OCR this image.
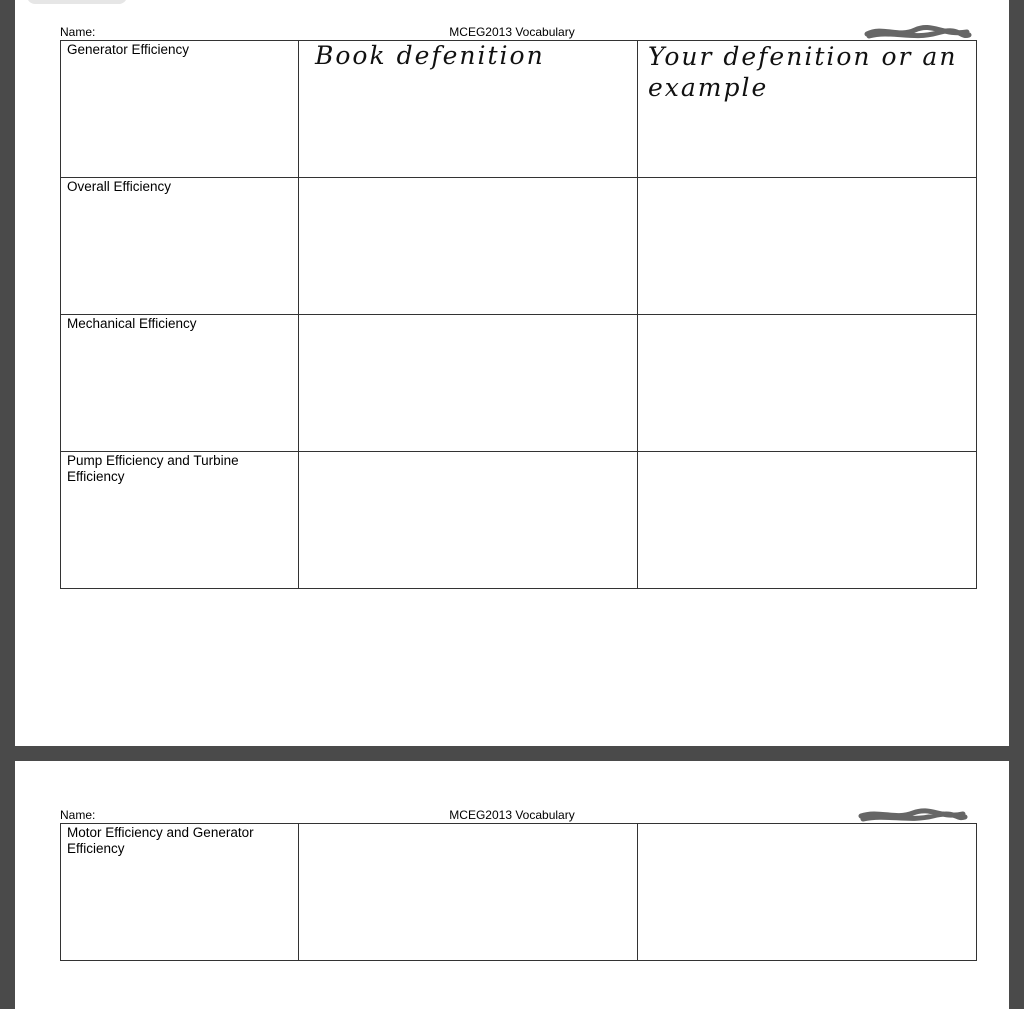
Name:	MCEG2013 Vocabulary
Generator Efficiency	Book defenition	Your defenition or an example

Overall Efficiency		
Mechanical Efficiency		
Pump Efficiency and Turbine Efficiency		
Name:	MCEG2013 Vocabulary
Motor Efficiency and Generator Efficiency		
